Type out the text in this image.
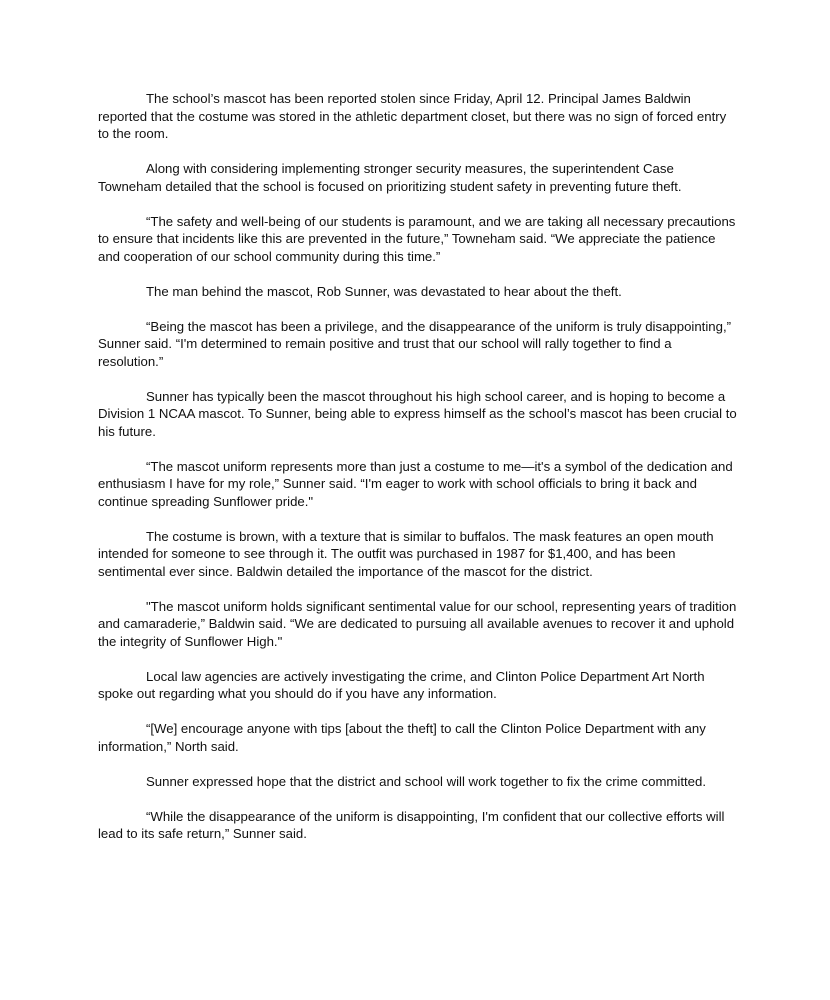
The school’s mascot has been reported stolen since Friday, April 12. Principal James Baldwin reported that the costume was stored in the athletic department closet, but there was no sign of forced entry to the room.

Along with considering implementing stronger security measures, the superintendent Case Towneham detailed that the school is focused on prioritizing student safety in preventing future theft.

“The safety and well-being of our students is paramount, and we are taking all necessary precautions to ensure that incidents like this are prevented in the future,” Towneham said. “We appreciate the patience and cooperation of our school community during this time.”

The man behind the mascot, Rob Sunner, was devastated to hear about the theft.

“Being the mascot has been a privilege, and the disappearance of the uniform is truly disappointing,” Sunner said. “I'm determined to remain positive and trust that our school will rally together to find a resolution.”

Sunner has typically been the mascot throughout his high school career, and is hoping to become a Division 1 NCAA mascot. To Sunner, being able to express himself as the school’s mascot has been crucial to his future.

“The mascot uniform represents more than just a costume to me—it's a symbol of the dedication and enthusiasm I have for my role,” Sunner said. “I'm eager to work with school officials to bring it back and continue spreading Sunflower pride."

The costume is brown, with a texture that is similar to buffalos. The mask features an open mouth intended for someone to see through it. The outfit was purchased in 1987 for $1,400, and has been sentimental ever since. Baldwin detailed the importance of the mascot for the district.

"The mascot uniform holds significant sentimental value for our school, representing years of tradition and camaraderie,” Baldwin said. “We are dedicated to pursuing all available avenues to recover it and uphold the integrity of Sunflower High."

Local law agencies are actively investigating the crime, and Clinton Police Department Art North spoke out regarding what you should do if you have any information.

“[We] encourage anyone with tips [about the theft] to call the Clinton Police Department with any information,” North said.

Sunner expressed hope that the district and school will work together to fix the crime committed.

“While the disappearance of the uniform is disappointing, I'm confident that our collective efforts will lead to its safe return,” Sunner said.
